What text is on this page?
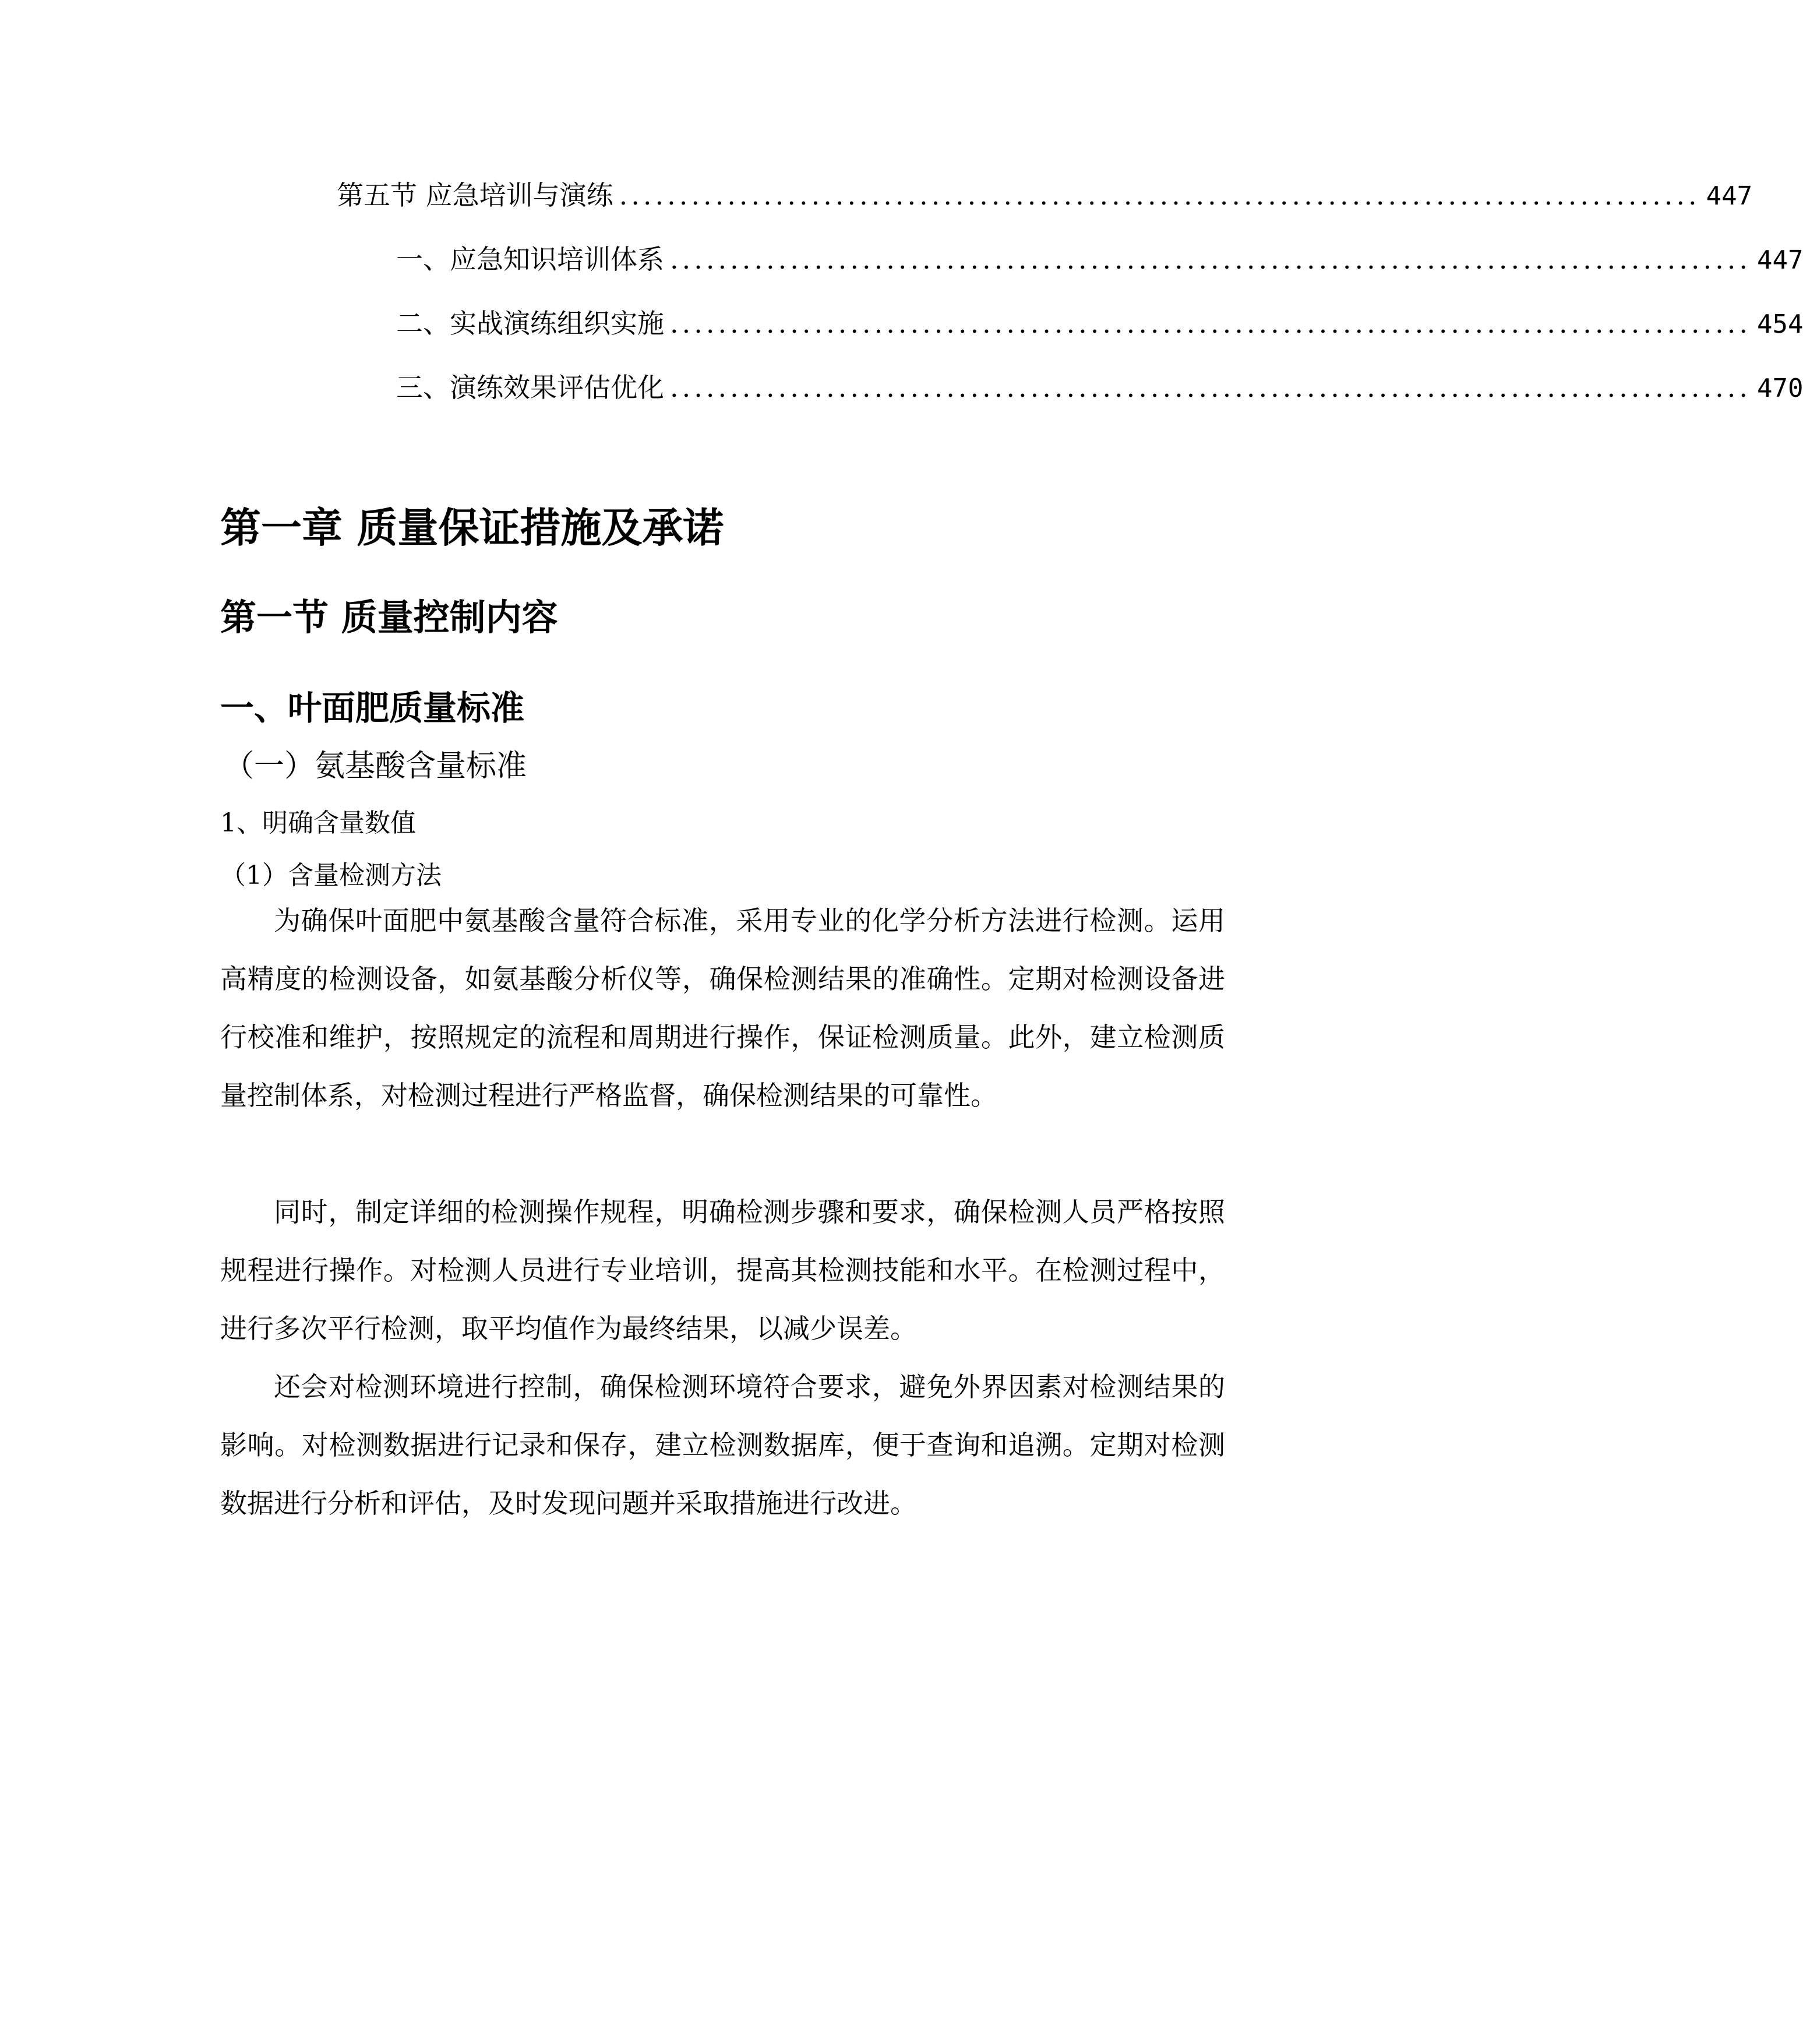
第五节 应急培训与演练 .......................................................................................... 447
一、 应急知识培训体系 .......................................................................................... 447
二、 实战演练组织实施 .......................................................................................... 454
三、 演练效果评估优化 .......................................................................................... 470
第一章 质量保证措施及承诺
第一节 质量控制内容
一、叶面肥质量标准
（一）氨基酸含量标准
1、明确含量数值
（1）含量检测方法

为确保叶面肥中氨基酸含量符合标准，采用专业的化学分析方法进行检测。运用高精度的检测设备，如氨基酸分析仪等，确保检测结果的准确性。定期对检测设备进行校准和维护，按照规定的流程和周期进行操作，保证检测质量。此外，建立检测质量控制体系，对检测过程进行严格监督，确保检测结果的可靠性。

同时，制定详细的检测操作规程，明确检测步骤和要求，确保检测人员严格按照规程进行操作。对检测人员进行专业培训，提高其检测技能和水平。在检测过程中，进行多次平行检测，取平均值作为最终结果，以减少误差。

还会对检测环境进行控制，确保检测环境符合要求，避免外界因素对检测结果的影响。对检测数据进行记录和保存，建立检测数据库，便于查询和追溯。定期对检测数据进行分析和评估，及时发现问题并采取措施进行改进。
